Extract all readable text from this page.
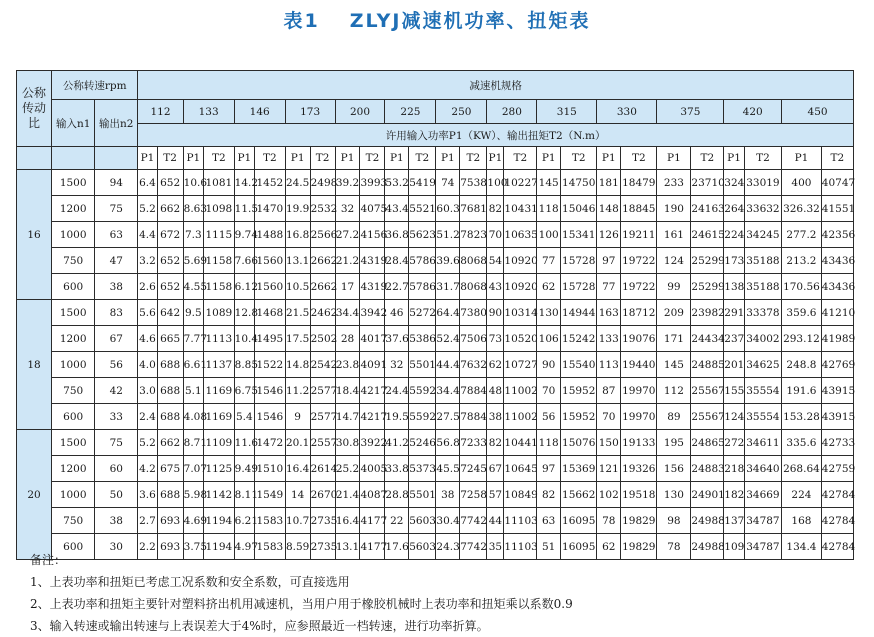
表1 ZLYJ减速机功率、扭矩表
公称传动比	公称转速rpm		减速机规格																									
	输入n1	输出n2																										
			112		133		146		173		200		225		250		280		315		330		375		420		450	
			许用输入功率P1（KW）、输出扭矩T2（N.m）																									
			P1	T2	P1	T2	P1	T2	P1	T2	P1	T2	P1	T2	P1	T2	P1	T2	P1	T2	P1	T2	P1	T2	P1	T2	P1	T2
16	1500	94	6.4	652	10.6	1081	14.2	1452	24.5	2498	39.2	3993	53.2	5419	74	7538	100	10227	145	14750	181	18479	233	23710	324	33019	400	40747
	1200	75	5.2	662	8.63	1098	11.5	1470	19.9	2532	32	4075	43.4	5521	60.3	7681	82	10431	118	15046	148	18845	190	24163	264	33632	326.32	41551
	1000	63	4.4	672	7.3	1115	9.74	1488	16.8	2566	27.2	4156	36.8	5623	51.2	7823	70	10635	100	15341	126	19211	161	24615	224	34245	277.2	42356
	750	47	3.2	652	5.69	1158	7.66	1560	13.1	2662	21.2	4319	28.4	5786	39.6	8068	54	10920	77	15728	97	19722	124	25299	173	35188	213.2	43436
	600	38	2.6	652	4.55	1158	6.12	1560	10.5	2662	17	4319	22.7	5786	31.7	8068	43	10920	62	15728	77	19722	99	25299	138	35188	170.56	43436
18	1500	83	5.6	642	9.5	1089	12.8	1468	21.5	2462	34.4	3942	46	5272	64.4	7380	90	10314	130	14944	163	18712	209	23982	291	33378	359.6	41210
	1200	67	4.6	665	7.77	1113	10.4	1495	17.5	2502	28	4017	37.6	5386	52.4	7506	73	10520	106	15242	133	19076	171	24434	237	34002	293.12	41989
	1000	56	4.0	688	6.61	1137	8.85	1522	14.8	2542	23.8	4091	32	5501	44.4	7632	62	10727	90	15540	113	19440	145	24885	201	34625	248.8	42769
	750	42	3.0	688	5.1	1169	6.75	1546	11.2	2577	18.4	4217	24.4	5592	34.4	7884	48	11002	70	15952	87	19970	112	25567	155	35554	191.6	43915
	600	33	2.4	688	4.08	1169	5.4	1546	9	2577	14.7	4217	19.5	5592	27.5	7884	38	11002	56	15952	70	19970	89	25567	124	35554	153.28	43915
20	1500	75	5.2	662	8.71	1109	11.6	1472	20.1	2557	30.8	3922	41.2	5246	56.8	7233	82	10441	118	15076	150	19133	195	24865	272	34611	335.6	42733
	1200	60	4.2	675	7.07	1125	9.49	1510	16.4	2614	25.2	4005	33.8	5373	45.5	7245	67	10645	97	15369	121	19326	156	24883	218	34640	268.64	42759
	1000	50	3.6	688	5.98	1142	8.11	1549	14	2670	21.4	4087	28.8	5501	38	7258	57	10849	82	15662	102	19518	130	24901	182	34669	224	42784
	750	38	2.7	693	4.69	1194	6.21	1583	10.7	2735	16.4	4177	22	5603	30.4	7742	44	11103	63	16095	78	19829	98	24988	137	34787	168	42784
	600	30	2.2	693	3.75	1194	4.97	1583	8.59	2735	13.1	4177	17.6	5603	24.3	7742	35	11103	51	16095	62	19829	78	24988	109	34787	134.4	42784
备注：
1、上表功率和扭矩已考虑工况系数和安全系数，可直接选用
2、上表功率和扭矩主要针对塑料挤出机用减速机，当用户用于橡胶机械时上表功率和扭矩乘以系数0.9
3、输入转速或输出转速与上表误差大于4%时，应参照最近一档转速，进行功率折算。
